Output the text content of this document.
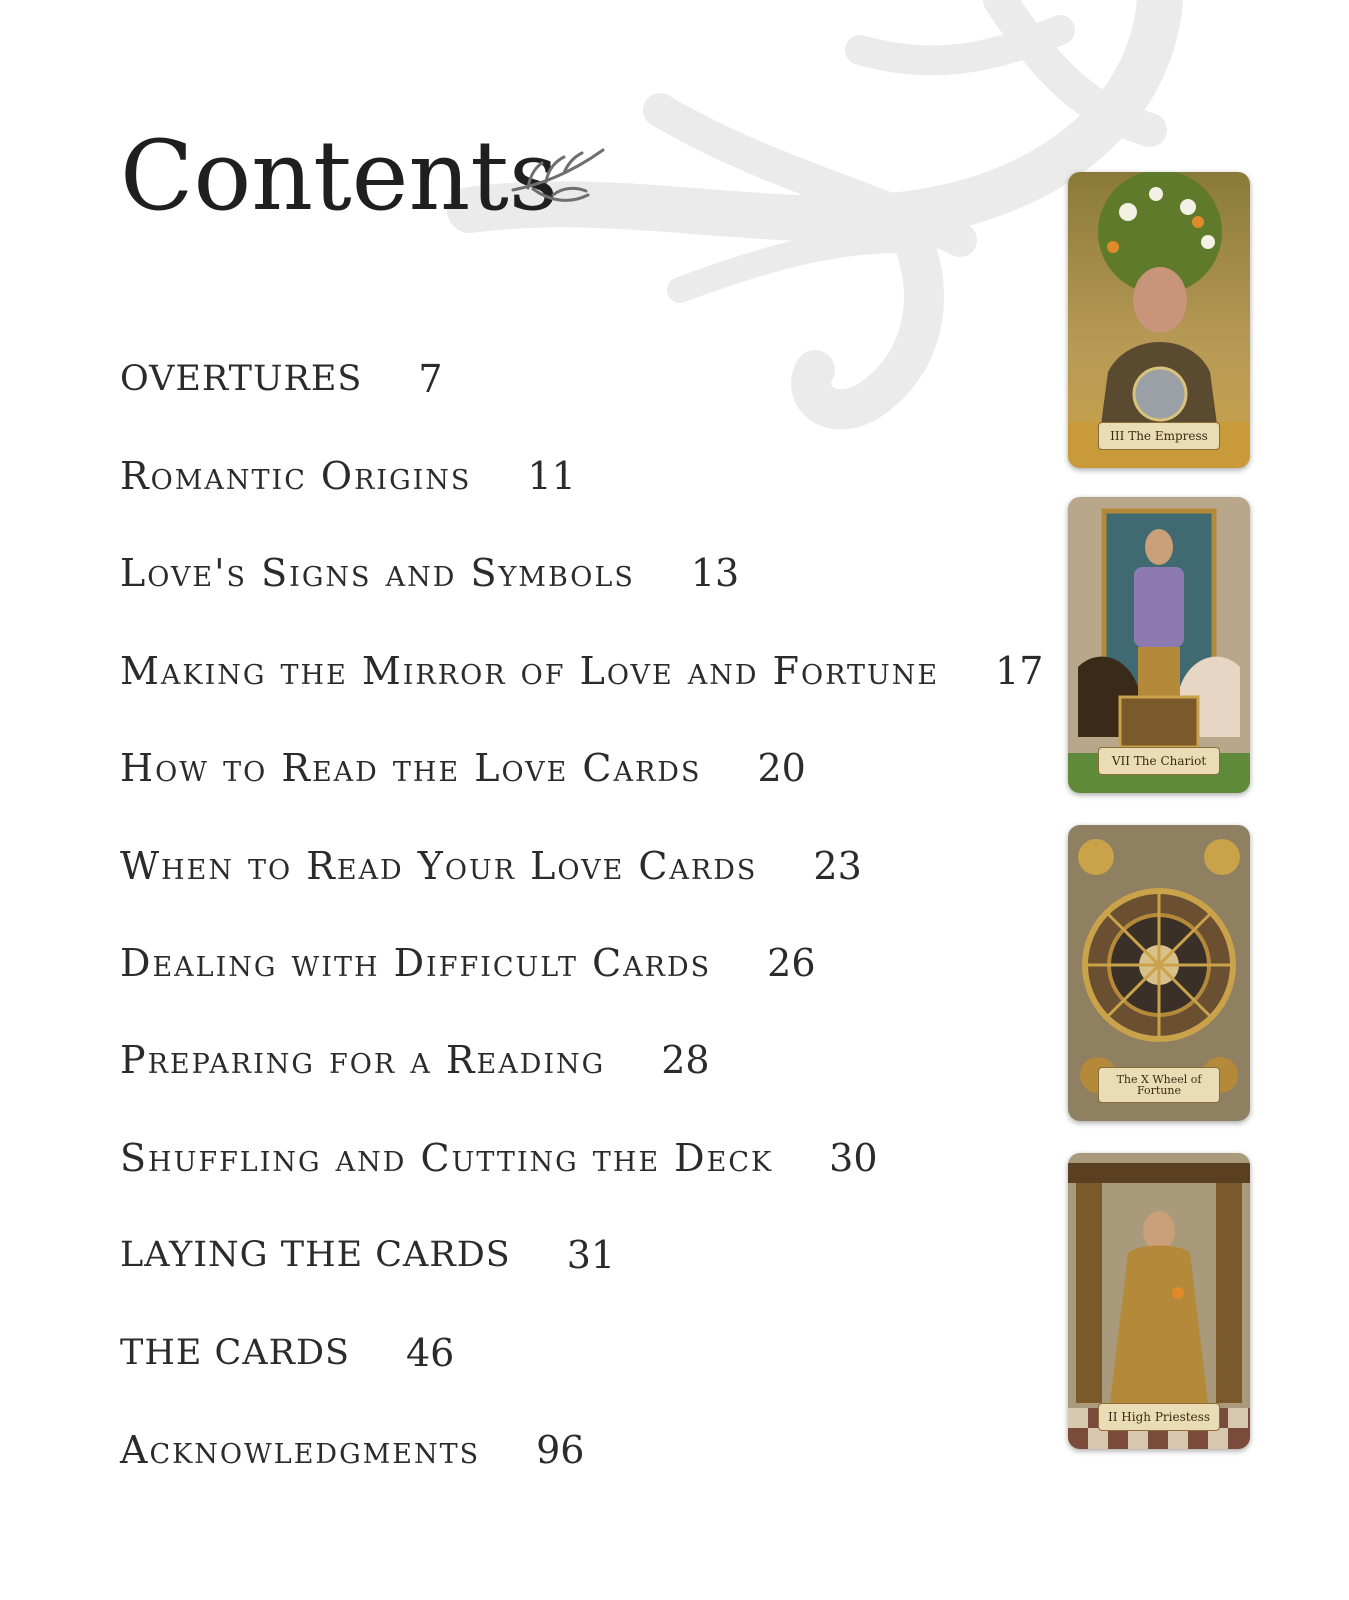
Contents
OVERTURES 7
Romantic Origins 11
Love's Signs and Symbols 13
Making the Mirror of Love and Fortune 17
How to Read the Love Cards 20
When to Read Your Love Cards 23
Dealing with Difficult Cards 26
Preparing for a Reading 28
Shuffling and Cutting the Deck 30
LAYING THE CARDS 31
THE CARDS 46
Acknowledgments 96
III The Empress
VII The Chariot
The X Wheel of Fortune
II High Priestess
